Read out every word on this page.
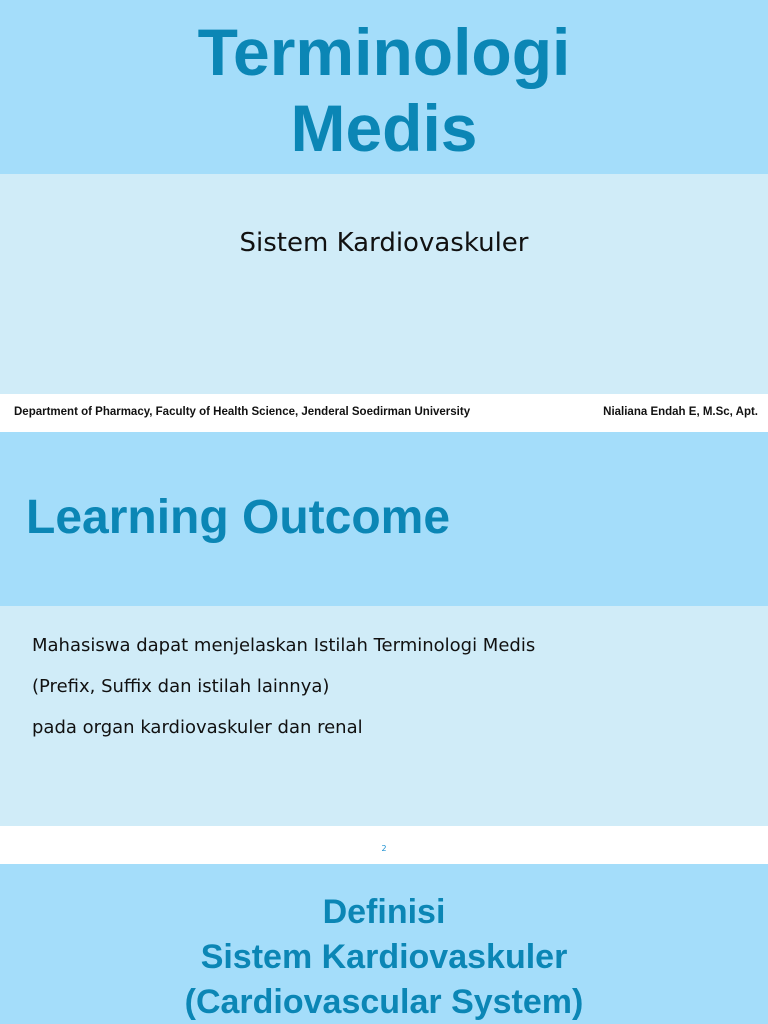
Terminologi
Medis
Sistem Kardiovaskuler
Department of Pharmacy, Faculty of Health Science, Jenderal Soedirman University	Nialiana Endah E, M.Sc, Apt.
Learning Outcome
Mahasiswa dapat menjelaskan Istilah Terminologi Medis
(Prefix, Suffix dan istilah lainnya)
pada organ kardiovaskuler dan renal
2
Definisi
Sistem Kardiovaskuler
(Cardiovascular System)
